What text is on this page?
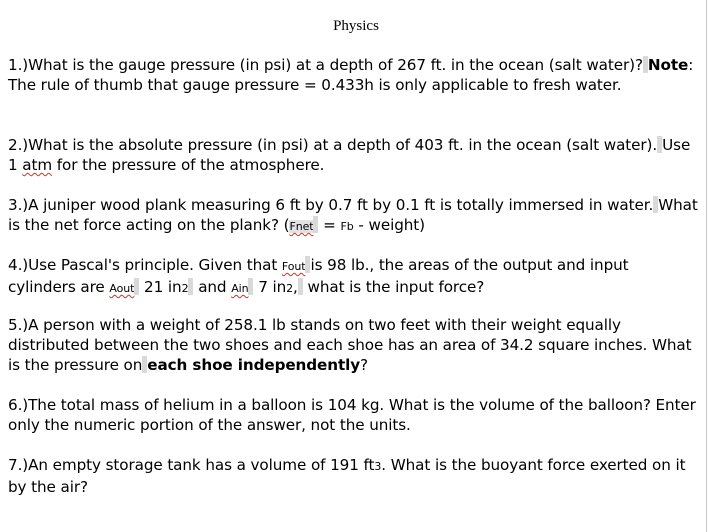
Physics
1.)What is the gauge pressure (in psi) at a depth of 267 ft. in the ocean (salt water)? Note: The rule of thumb that gauge pressure = 0.433h is only applicable to fresh water.
2.)What is the absolute pressure (in psi) at a depth of 403 ft. in the ocean (salt water). Use 1 atm for the pressure of the atmosphere.
3.)A juniper wood plank measuring 6 ft by 0.7 ft by 0.1 ft is totally immersed in water. What is the net force acting on the plank? (Fnet = Fb - weight)
4.)Use Pascal's principle. Given that Fout is 98 lb., the areas of the output and input cylinders are Aout 21 in2 and Ain 7 in2, what is the input force?
5.)A person with a weight of 258.1 lb stands on two feet with their weight equally distributed between the two shoes and each shoe has an area of 34.2 square inches. What is the pressure on each shoe independently?
6.)The total mass of helium in a balloon is 104 kg. What is the volume of the balloon? Enter only the numeric portion of the answer, not the units.
7.)An empty storage tank has a volume of 191 ft3. What is the buoyant force exerted on it by the air?
